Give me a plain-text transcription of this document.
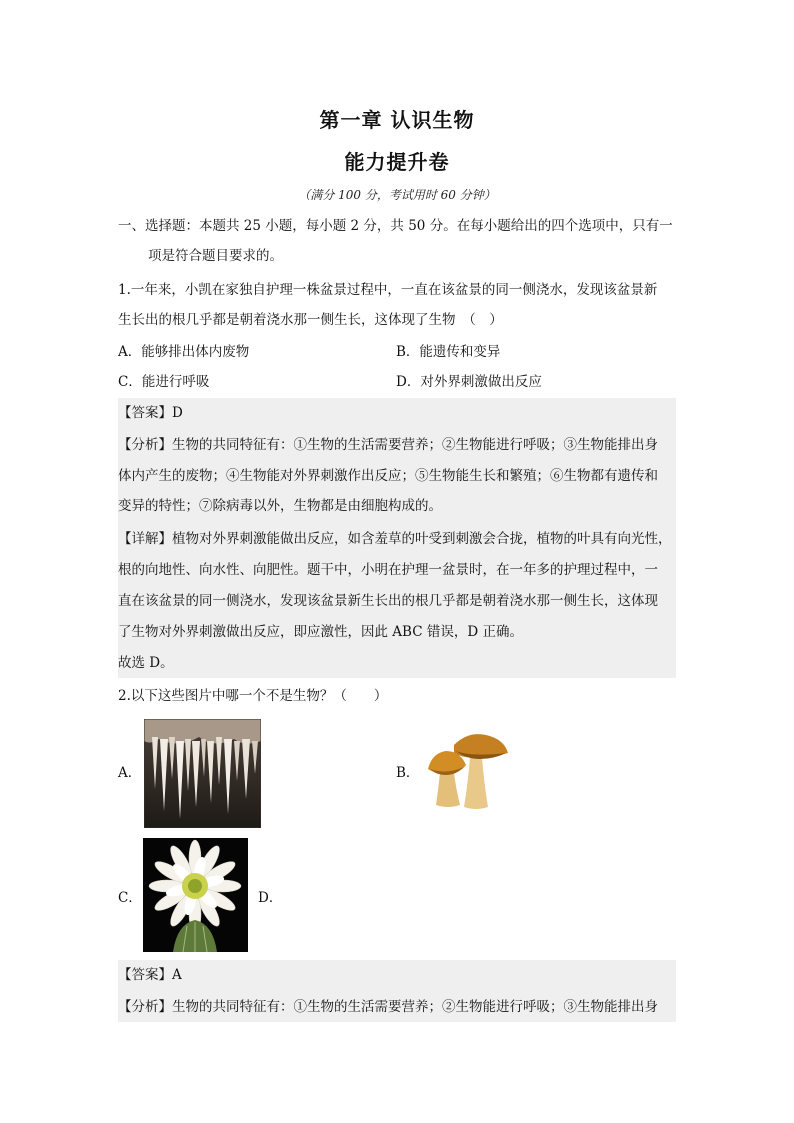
第一章 认识生物
能力提升卷
（满分 100 分，考试用时 60 分钟）
一、选择题：本题共 25 小题，每小题 2 分，共 50 分。在每小题给出的四个选项中，只有一
项是符合题目要求的。
1.一年来，小凯在家独自护理一株盆景过程中，一直在该盆景的同一侧浇水，发现该盆景新
生长出的根几乎都是朝着浇水那一侧生长，这体现了生物　（　）
A．能够排出体内废物	B．能遗传和变异
C．能进行呼吸	D．对外界刺激做出反应
【答案】D
【分析】生物的共同特征有：①生物的生活需要营养；②生物能进行呼吸；③生物能排出身
体内产生的废物；④生物能对外界刺激作出反应；⑤生物能生长和繁殖；⑥生物都有遗传和
变异的特性；⑦除病毒以外，生物都是由细胞构成的。
【详解】植物对外界刺激能做出反应，如含羞草的叶受到刺激会合拢，植物的叶具有向光性，
根的向地性、向水性、向肥性。题干中，小明在护理一盆景时，在一年多的护理过程中，一
直在该盆景的同一侧浇水，发现该盆景新生长出的根几乎都是朝着浇水那一侧生长，这体现
了生物对外界刺激做出反应，即应激性，因此 ABC 错误，D 正确。
故选 D。
2.以下这些图片中哪一个不是生物？（　　）
A．	B．
C．	D．
【答案】A
【分析】生物的共同特征有：①生物的生活需要营养；②生物能进行呼吸；③生物能排出身
